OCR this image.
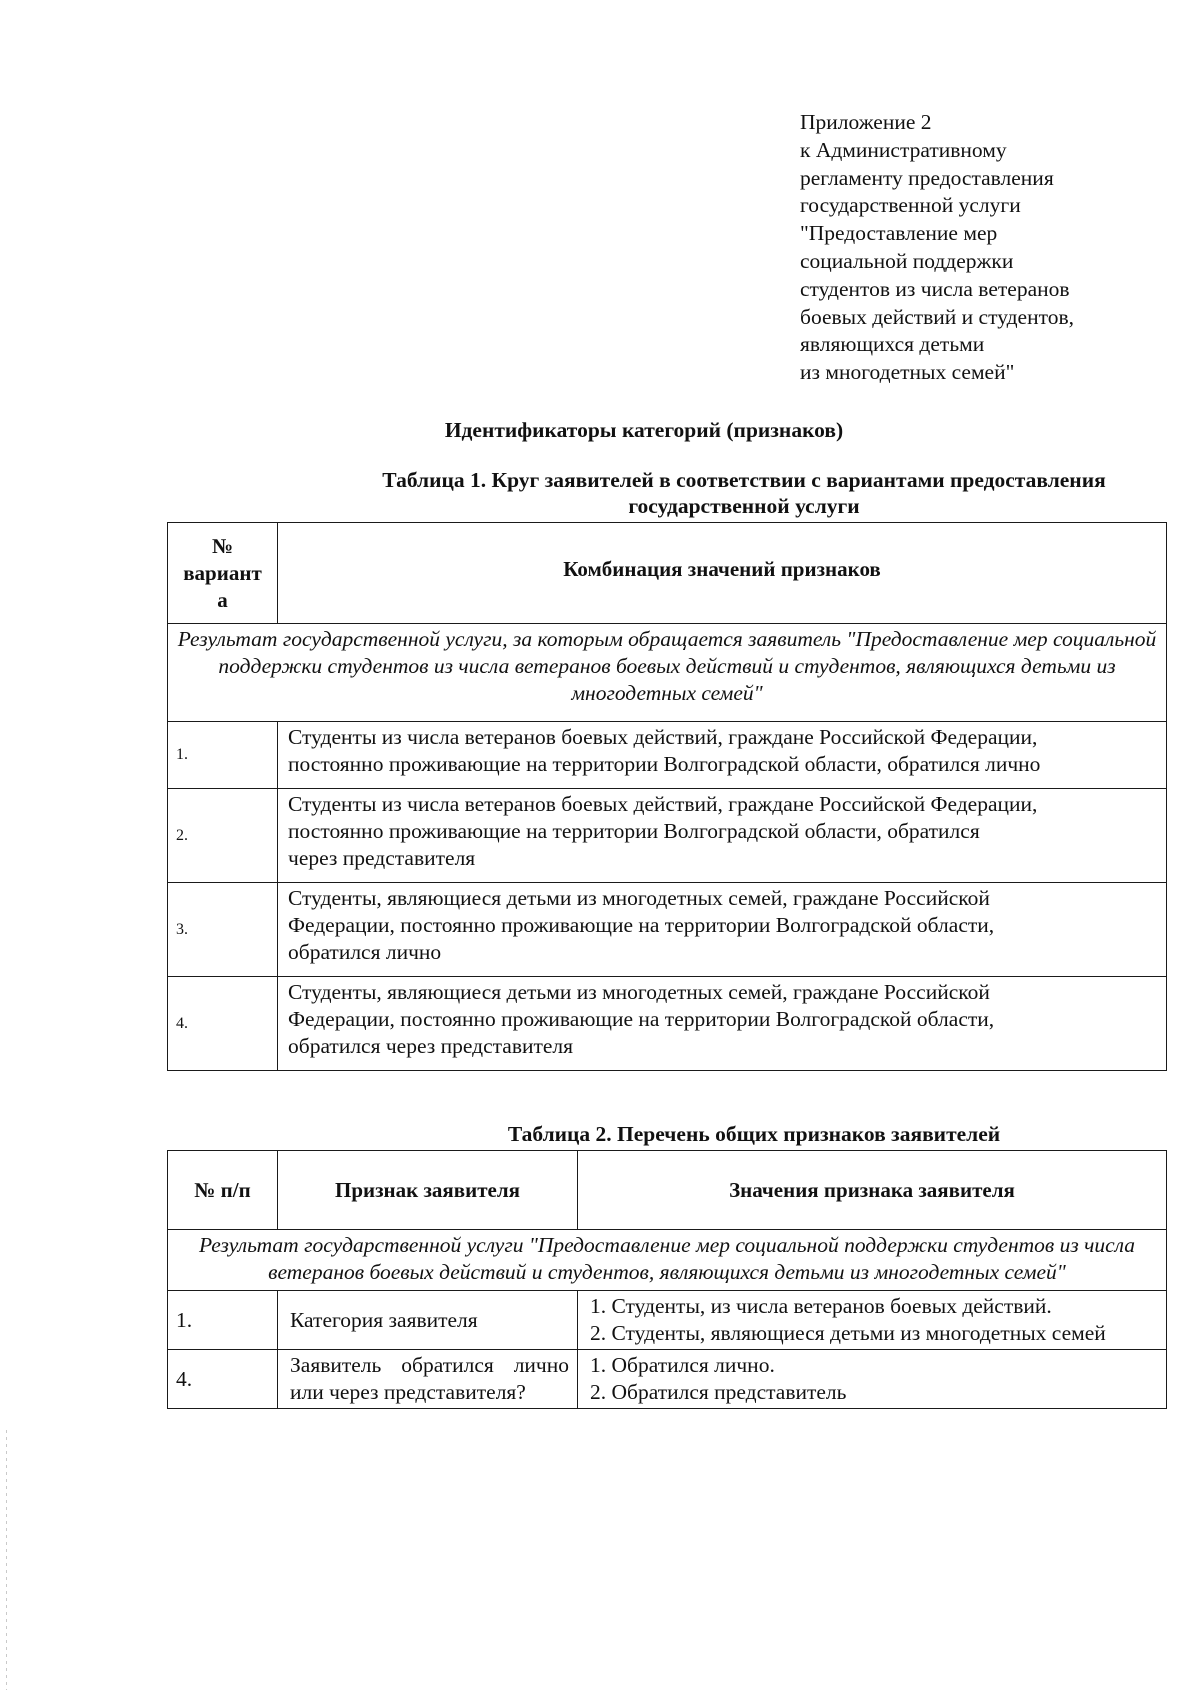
Приложение 2
к Административному
регламенту предоставления
государственной услуги
"Предоставление мер
социальной поддержки
студентов из числа ветеранов
боевых действий и студентов,
являющихся детьми
из многодетных семей"
Идентификаторы категорий (признаков)
Таблица 1. Круг заявителей в соответствии с вариантами предоставления
государственной услуги
№
вариант
а	Комбинация значений признаков
Результат государственной услуги, за которым обращается заявитель "Предоставление мер социальной поддержки студентов из числа ветеранов боевых действий и студентов, являющихся детьми из многодетных семей"	
1.	Студенты из числа ветеранов боевых действий, граждане Российской Федерации,
постоянно проживающие на территории Волгоградской области, обратился лично

2.	Студенты из числа ветеранов боевых действий, граждане Российской Федерации,
постоянно проживающие на территории Волгоградской области, обратился
через представителя

3.	Студенты, являющиеся детьми из многодетных семей, граждане Российской
Федерации, постоянно проживающие на территории Волгоградской области,
обратился лично

4.	Студенты, являющиеся детьми из многодетных семей, граждане Российской
Федерации, постоянно проживающие на территории Волгоградской области,
обратился через представителя
Таблица 2. Перечень общих признаков заявителей
№ п/п	Признак заявителя	Значения признака заявителя
Результат государственной услуги "Предоставление мер социальной поддержки студентов из числа ветеранов боевых действий и студентов, являющихся детьми из многодетных семей"		
1.	Категория заявителя	1. Студенты, из числа ветеранов боевых действий.
2. Студенты, являющиеся детьми из многодетных семей

4.	Заявитель обратился лично или через представителя?	1. Обратился лично.
2. Обратился представитель
